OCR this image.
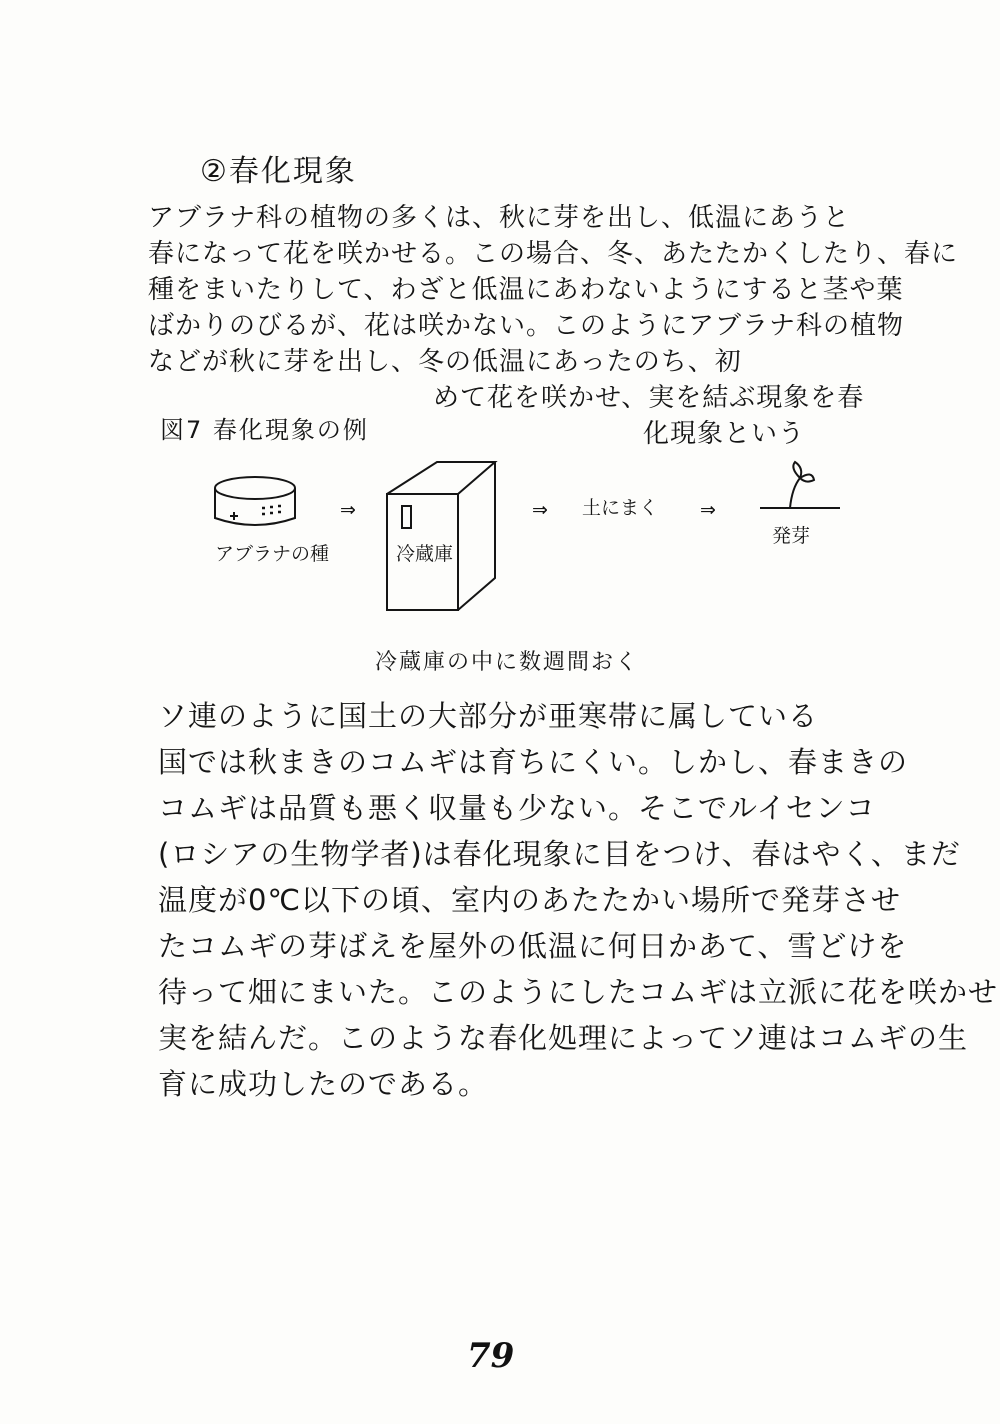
②春化現象
アブラナ科の植物の多くは、秋に芽を出し、低温にあうと
春になって花を咲かせる。この場合、冬、あたたかくしたり、春に
種をまいたりして、わざと低温にあわないようにすると茎や葉
ばかりのびるが、花は咲かない。このようにアブラナ科の植物
などが秋に芽を出し、冬の低温にあったのち、初
めて花を咲かせ、実を結ぶ現象を春
化現象という
図7 春化現象の例
アブラナの種
⇒
冷蔵庫
⇒ 土にまく ⇒
発芽
冷蔵庫の中に数週間おく
ソ連のように国土の大部分が亜寒帯に属している
国では秋まきのコムギは育ちにくい。しかし、春まきの
コムギは品質も悪く収量も少ない。そこでルイセンコ
(ロシアの生物学者)は春化現象に目をつけ、春はやく、まだ
温度が0℃以下の頃、室内のあたたかい場所で発芽させ
たコムギの芽ばえを屋外の低温に何日かあて、雪どけを
待って畑にまいた。このようにしたコムギは立派に花を咲かせ
実を結んだ。このような春化処理によってソ連はコムギの生
育に成功したのである。
79
